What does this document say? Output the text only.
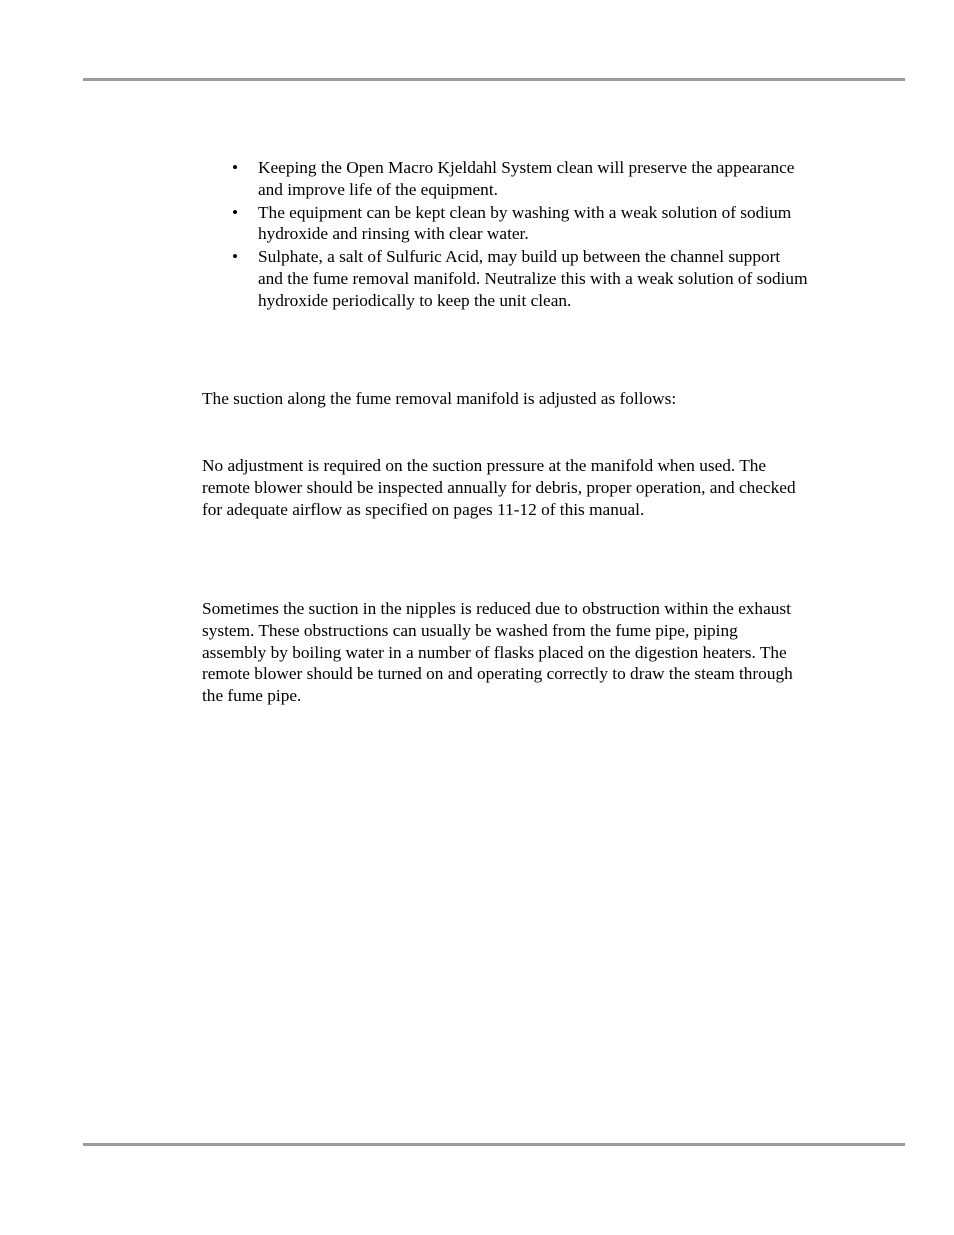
• Keeping the Open Macro Kjeldahl System clean will preserve the appearance and improve life of the equipment.
• The equipment can be kept clean by washing with a weak solution of sodium hydroxide and rinsing with clear water.
• Sulphate, a salt of Sulfuric Acid, may build up between the channel support and the fume removal manifold. Neutralize this with a weak solution of sodium hydroxide periodically to keep the unit clean.

The suction along the fume removal manifold is adjusted as follows:

No adjustment is required on the suction pressure at the manifold when used. The remote blower should be inspected annually for debris, proper operation, and checked for adequate airflow as specified on pages 11-12 of this manual.

Sometimes the suction in the nipples is reduced due to obstruction within the exhaust system. These obstructions can usually be washed from the fume pipe, piping assembly by boiling water in a number of flasks placed on the digestion heaters. The remote blower should be turned on and operating correctly to draw the steam through the fume pipe.
